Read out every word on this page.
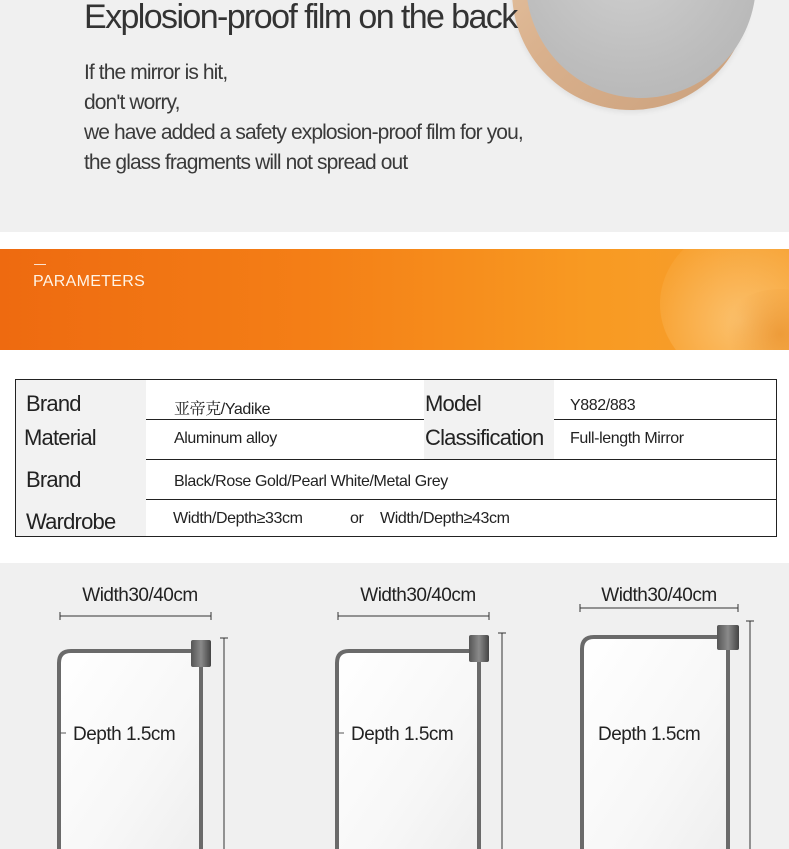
Explosion-proof film on the back
If the mirror is hit,
don't worry,
we have added a safety explosion-proof film for you,
the glass fragments will not spread out
PARAMETERS
Brand	亚帝克/Yadike	Model	Y882/883
Material	Aluminum alloy	Classification Full-length Mirror
Brand	Black/Rose Gold/Pearl White/Metal Grey
Wardrobe	Width/Depth≥33cm	or Width/Depth≥43cm
Width30/40cm
Depth 1.5cm
Width30/40cm
Depth 1.5cm
Width30/40cm
Depth 1.5cm
